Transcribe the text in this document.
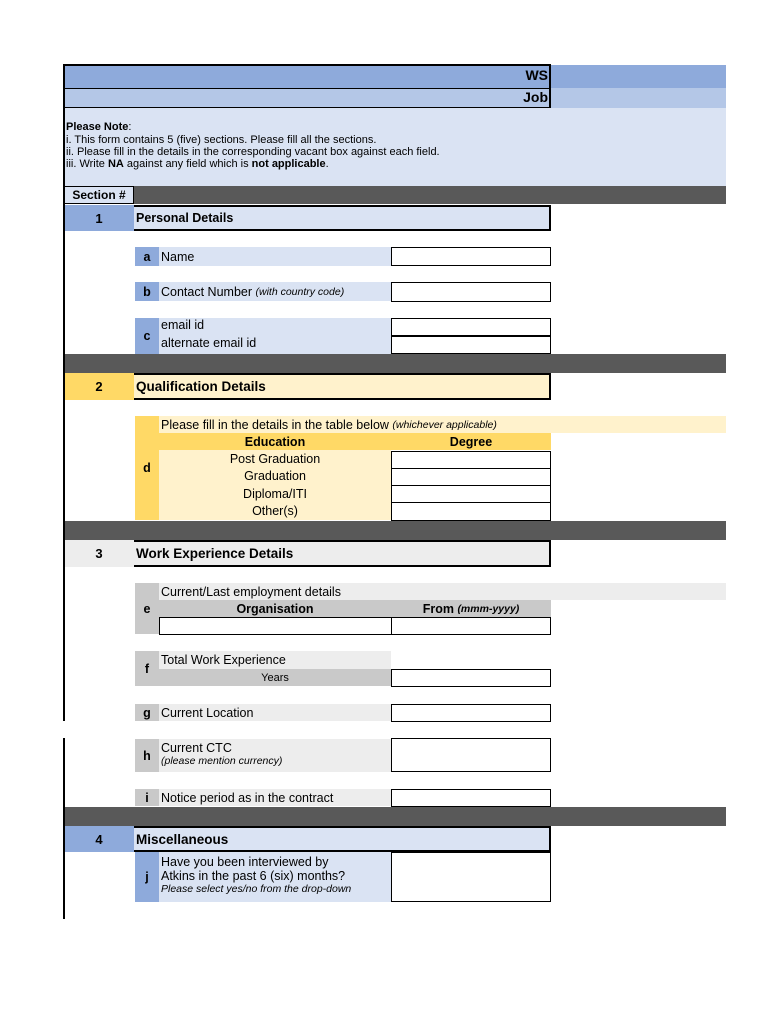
WS
Job
Please Note:
i. This form contains 5 (five) sections. Please fill all the sections.
ii. Please fill in the details in the corresponding vacant box against each field.
iii. Write NA against any field which is not applicable.
Section #
1	Personal Details
a Name
b Contact Number (with country code)
c
email id
alternate email id
2	Qualification Details
d
Please fill in the details in the table below (whichever applicable)
Education	Degree
Post Graduation
Graduation
Diploma/ITI
Other(s)
3	Work Experience Details
e
Current/Last employment details
Organisation	From (mmm-yyyy)
f
Total Work Experience
Years
g Current Location
h
Current CTC
(please mention currency)
i Notice period as in the contract
4	Miscellaneous
j
Have you been interviewed by
Atkins in the past 6 (six) months?
Please select yes/no from the drop-down
